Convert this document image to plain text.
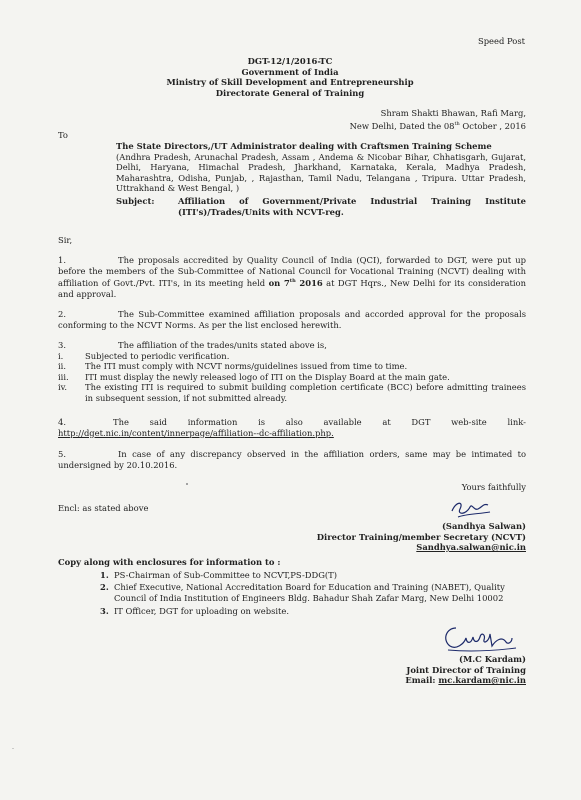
Speed Post
DGT-12/1/2016-TC
Government of India
Ministry of Skill Development and Entrepreneurship
Directorate General of Training
Shram Shakti Bhawan, Rafi Marg,
New Delhi, Dated the 08th October , 2016
To
The State Directors,/UT Administrator dealing with Craftsmen Training Scheme
(Andhra Pradesh, Arunachal Pradesh, Assam , Andema & Nicobar Bihar, Chhatisgarh, Gujarat, Delhi, Haryana, Himachal Pradesh, Jharkhand, Karnataka, Kerala, Madhya Pradesh, Maharashtra, Odisha, Punjab, , Rajasthan, Tamil Nadu, Telangana , Tripura. Uttar Pradesh, Uttrakhand & West Bengal, )
Subject:	Affiliation of Government/Private Industrial Training Institute (ITI's)/Trades/Units with NCVT-reg.
Sir,
1.	The proposals accredited by Quality Council of India (QCI), forwarded to DGT, were put up before the members of the Sub-Committee of National Council for Vocational Training (NCVT) dealing with affiliation of Govt./Pvt. ITI's, in its meeting held on 7th 2016 at DGT Hqrs., New Delhi for its consideration and approval.
2.	The Sub-Committee examined affiliation proposals and accorded approval for the proposals conforming to the NCVT Norms. As per the list enclosed herewith.
3.	The affiliation of the trades/units stated above is,
i.	Subjected to periodic verification.
ii. The ITI must comply with NCVT norms/guidelines issued from time to time.
iii. ITI must display the newly released logo of ITI on the Display Board at the main gate.
iv. The existing ITI is required to submit building completion certificate (BCC) before admitting trainees in subsequent session, if not submitted already.
4.	The said information is also available at DGT web-site link-
http://dget.nic.in/content/innerpage/affiliation--dc-affiliation.php.
5.	In case of any discrepancy observed in the affiliation orders, same may be intimated to undersigned by 20.10.2016.
Yours faithfully
Encl: as stated above
(Sandhya Salwan)
Director Training/member Secretary (NCVT)
Sandhya.salwan@nic.in
Copy along with enclosures for information to :
1. PS-Chairman of Sub-Committee to NCVT,PS-DDG(T)
2. Chief Executive, National Accreditation Board for Education and Training (NABET), Quality Council of India Institution of Engineers Bldg. Bahadur Shah Zafar Marg, New Delhi 10002
3. IT Officer, DGT for uploading on website.
(M.C Kardam)
Joint Director of Training
Email: mc.kardam@nic.in
